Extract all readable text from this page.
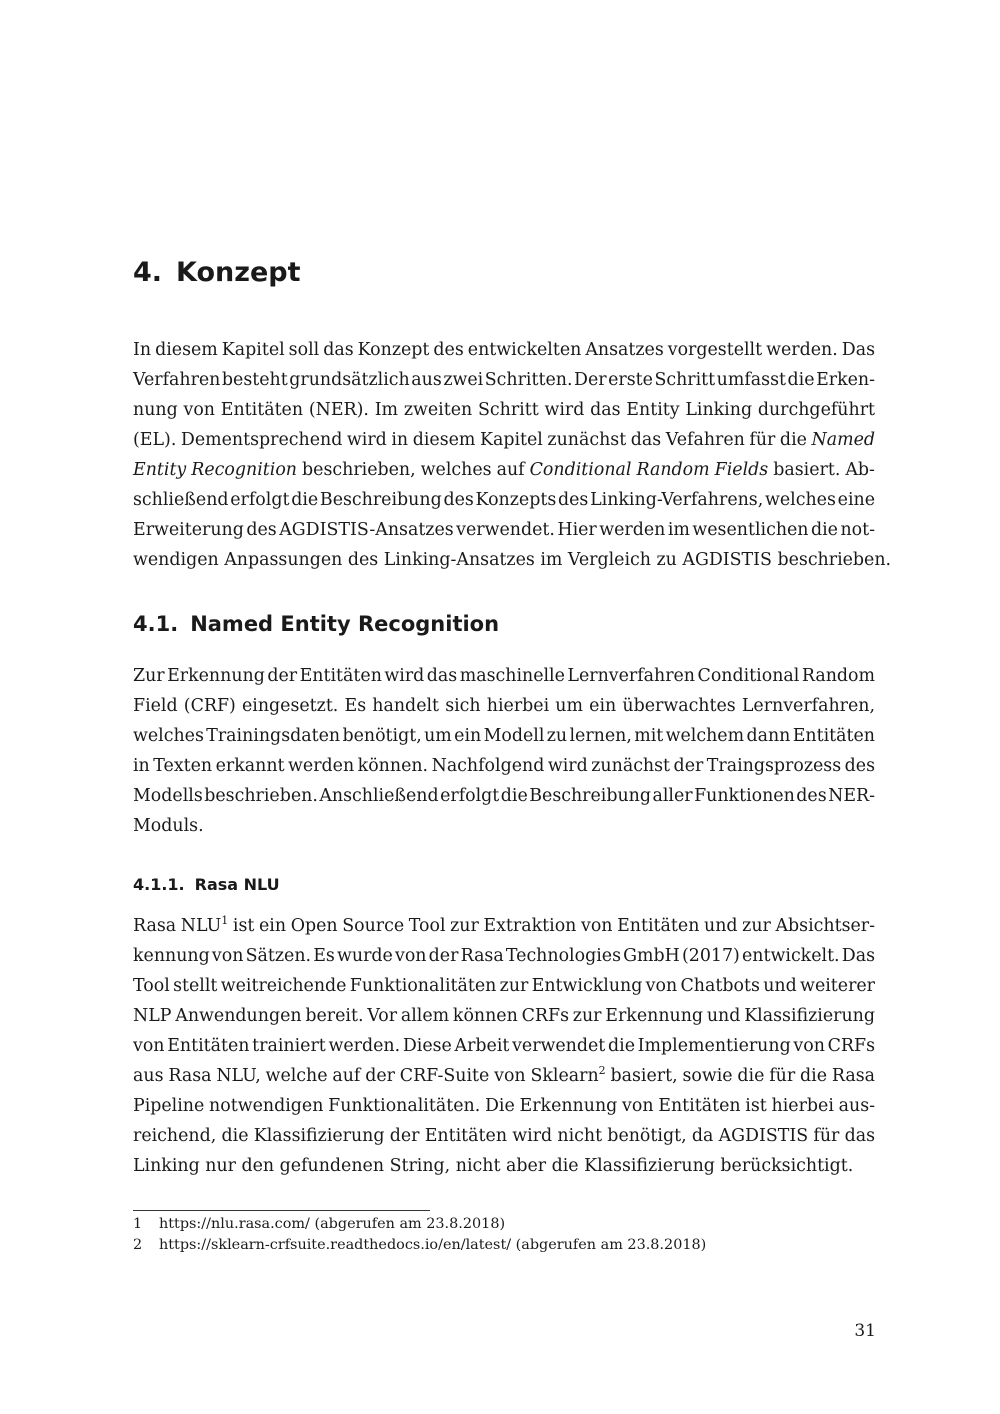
4. Konzept
In diesem Kapitel soll das Konzept des entwickelten Ansatzes vorgestellt werden. Das
Verfahren besteht grundsätzlich aus zwei Schritten. Der erste Schritt umfasst die Erken-
nung von Entitäten (NER). Im zweiten Schritt wird das Entity Linking durchgeführt
(EL). Dementsprechend wird in diesem Kapitel zunächst das Vefahren für die Named
Entity Recognition beschrieben, welches auf Conditional Random Fields basiert. Ab-
schließend erfolgt die Beschreibung des Konzepts des Linking-Verfahrens, welches eine
Erweiterung des AGDISTIS-Ansatzes verwendet. Hier werden im wesentlichen die not-
wendigen Anpassungen des Linking-Ansatzes im Vergleich zu AGDISTIS beschrieben.
4.1. Named Entity Recognition
Zur Erkennung der Entitäten wird das maschinelle Lernverfahren Conditional Random
Field (CRF) eingesetzt. Es handelt sich hierbei um ein überwachtes Lernverfahren,
welches Trainingsdaten benötigt, um ein Modell zu lernen, mit welchem dann Entitäten
in Texten erkannt werden können. Nachfolgend wird zunächst der Traingsprozess des
Modells beschrieben. Anschließend erfolgt die Beschreibung aller Funktionen des NER-
Moduls.
4.1.1. Rasa NLU
Rasa NLU$^1$ ist ein Open Source Tool zur Extraktion von Entitäten und zur Absichtser-
kennung von Sätzen. Es wurde von der Rasa Technologies GmbH (2017) entwickelt. Das
Tool stellt weitreichende Funktionalitäten zur Entwicklung von Chatbots und weiterer
NLP Anwendungen bereit. Vor allem können CRFs zur Erkennung und Klassifizierung
von Entitäten trainiert werden. Diese Arbeit verwendet die Implementierung von CRFs
aus Rasa NLU, welche auf der CRF-Suite von Sklearn$^2$ basiert, sowie die für die Rasa
Pipeline notwendigen Funktionalitäten. Die Erkennung von Entitäten ist hierbei aus-
reichend, die Klassifizierung der Entitäten wird nicht benötigt, da AGDISTIS für das
Linking nur den gefundenen String, nicht aber die Klassifizierung berücksichtigt.

1 https://nlu.rasa.com/ (abgerufen am 23.8.2018)

2 https://sklearn-crfsuite.readthedocs.io/en/latest/ (abgerufen am 23.8.2018)

31
